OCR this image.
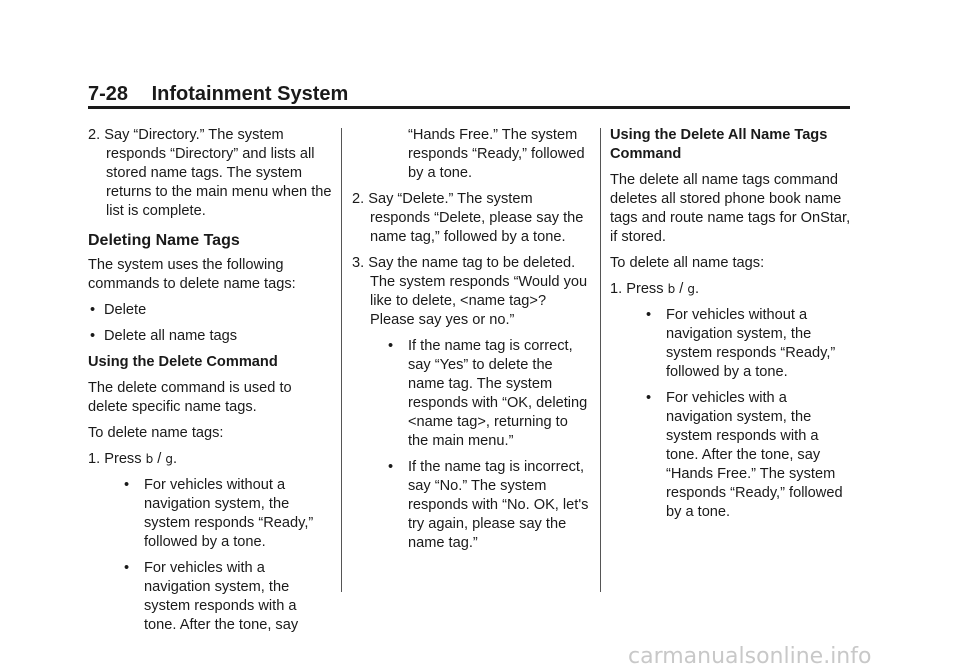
7-28 Infotainment System

2. Say “Directory.” The system responds “Directory” and lists all stored name tags. The system returns to the main menu when the list is complete.

Deleting Name Tags

The system uses the following commands to delete name tags:

• Delete
• Delete all name tags
Using the Delete Command

The delete command is used to delete specific name tags.

To delete name tags:

1. Press b / g.

• For vehicles without a navigation system, the system responds “Ready,” followed by a tone.
• For vehicles with a navigation system, the system responds with a tone. After the tone, say

“Hands Free.” The system responds “Ready,” followed by a tone.

2. Say “Delete.” The system responds “Delete, please say the name tag,” followed by a tone.

3. Say the name tag to be deleted. The system responds “Would you like to delete, <name tag>? Please say yes or no.”

• If the name tag is correct, say “Yes” to delete the name tag. The system responds with “OK, deleting <name tag>, returning to the main menu.”
• If the name tag is incorrect, say “No.” The system responds with “No. OK, let's try again, please say the name tag.”
Using the Delete All Name Tags Command

The delete all name tags command deletes all stored phone book name tags and route name tags for OnStar, if stored.

To delete all name tags:

1. Press b / g.

• For vehicles without a navigation system, the system responds “Ready,” followed by a tone.
• For vehicles with a navigation system, the system responds with a tone. After the tone, say “Hands Free.” The system responds “Ready,” followed by a tone.
carmanualsonline.info
